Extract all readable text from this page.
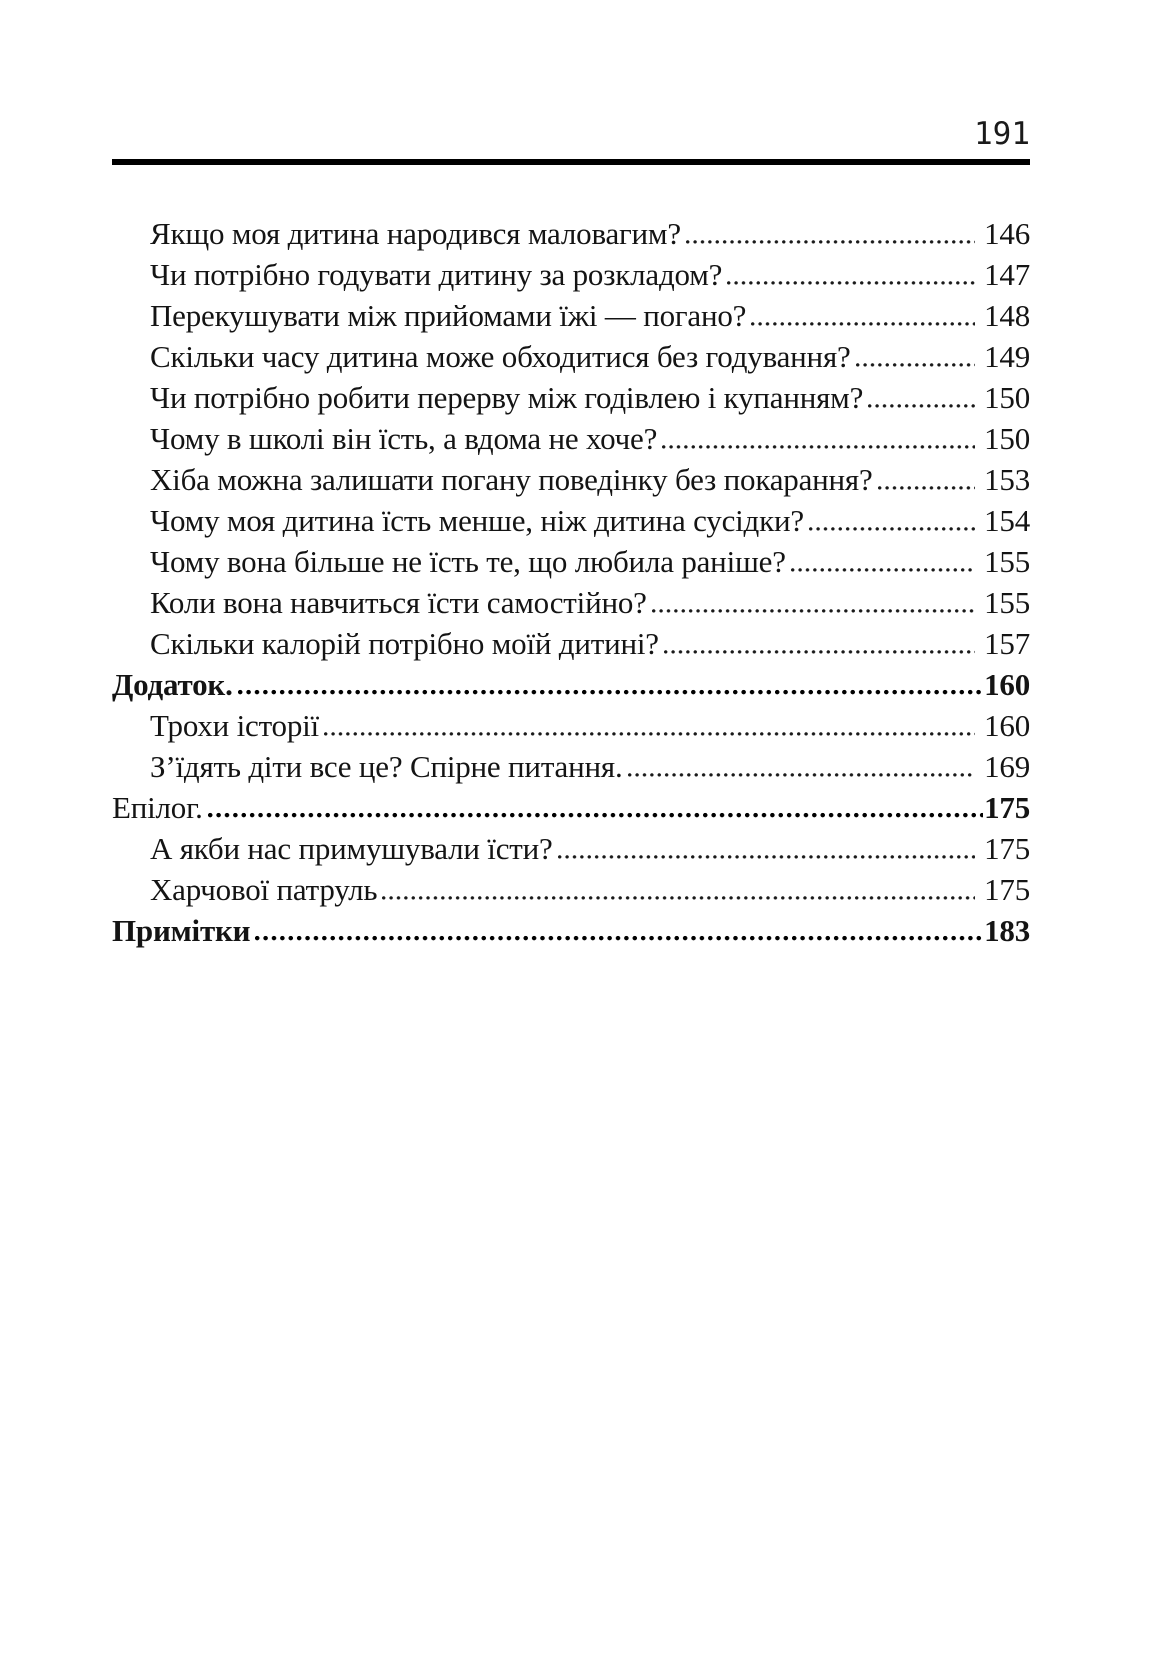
191
Якщо моя дитина народився маловагим?	146
Чи потрібно годувати дитину за розкладом?	147
Перекушувати між прийомами їжі — погано?	148
Скільки часу дитина може обходитися без годування?	149
Чи потрібно робити перерву між годівлею і купанням?	150
Чому в школі він їсть, а вдома не хоче?	150
Хіба можна залишати погану поведінку без покарання?	153
Чому моя дитина їсть менше, ніж дитина сусідки?	154
Чому вона більше не їсть те, що любила раніше?	155
Коли вона навчиться їсти самостійно?	155
Скільки калорій потрібно моїй дитині?	157
Додаток.	160
Трохи історії	160
З’їдять діти все це? Спірне питання.	169
Епілог.	175
А якби нас примушували їсти?	175
Харчової патруль	175
Примітки	183
